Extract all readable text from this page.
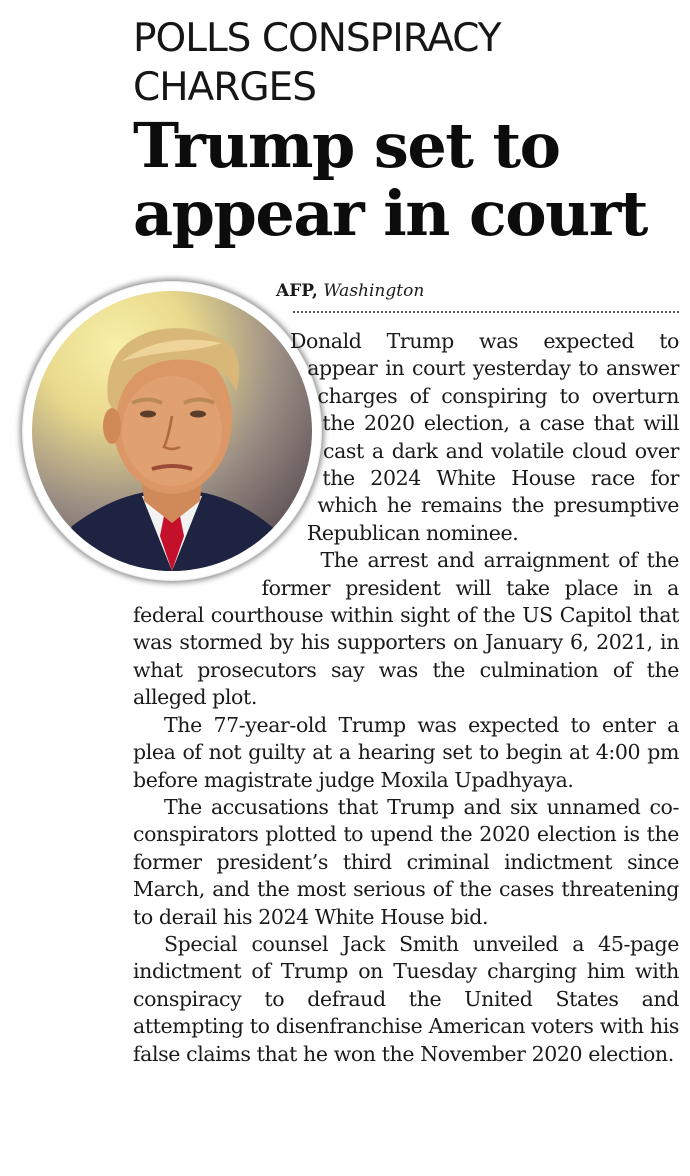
POLLS CONSPIRACY CHARGES
Trump set to appear in court
AFP, Washington

Donald Trump was expected to appear in court yesterday to answer charges of conspiring to overturn the 2020 election, a case that will cast a dark and volatile cloud over the 2024 White House race for which he remains the presumptive Republican nominee.

The arrest and arraignment of the former president will take place in a federal courthouse within sight of the US Capitol that was stormed by his supporters on January 6, 2021, in what prosecutors say was the culmination of the alleged plot.

The 77-year-old Trump was expected to enter a plea of not guilty at a hearing set to begin at 4:00 pm before magistrate judge Moxila Upadhyaya.

The accusations that Trump and six unnamed co-conspirators plotted to upend the 2020 election is the former president’s third criminal indictment since March, and the most serious of the cases threatening to derail his 2024 White House bid.

Special counsel Jack Smith unveiled a 45-page indictment of Trump on Tuesday charging him with conspiracy to defraud the United States and attempting to disenfranchise American voters with his false claims that he won the November 2020 election.
